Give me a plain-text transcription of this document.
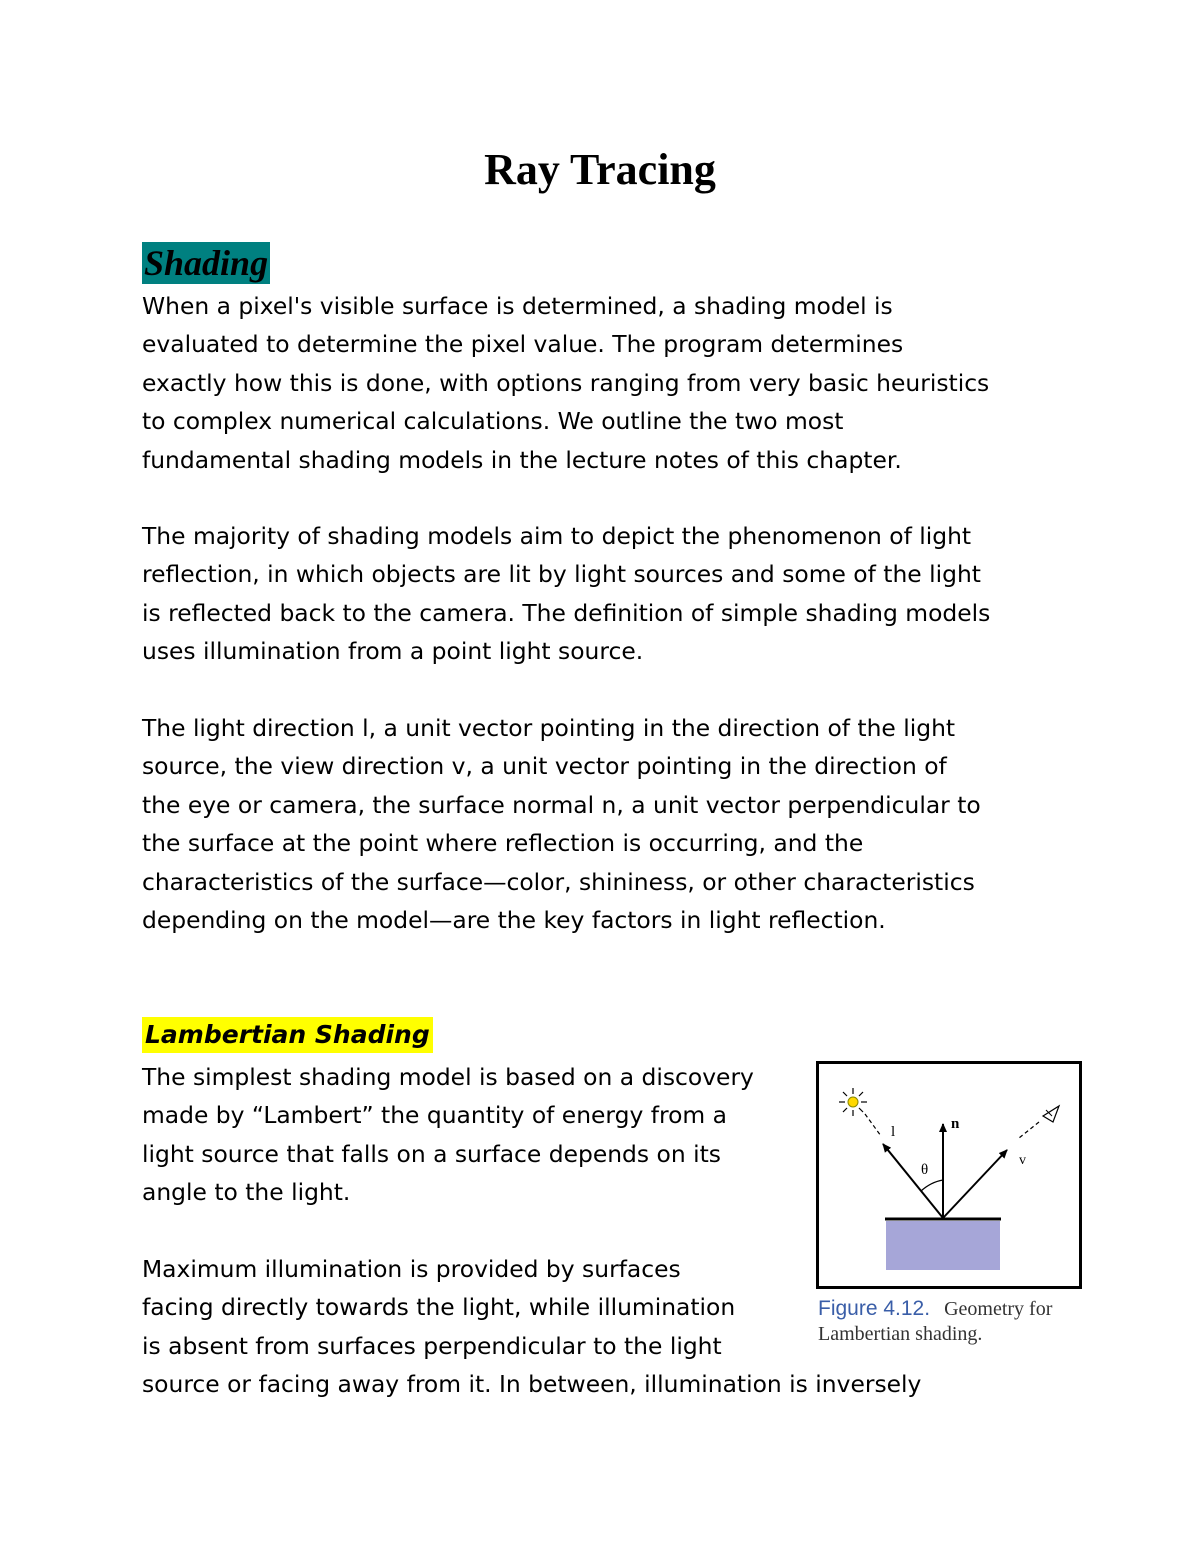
Ray Tracing
Shading

When a pixel's visible surface is determined, a shading model is
evaluated to determine the pixel value. The program determines
exactly how this is done, with options ranging from very basic heuristics
to complex numerical calculations. We outline the two most
fundamental shading models in the lecture notes of this chapter.

The majority of shading models aim to depict the phenomenon of light
reflection, in which objects are lit by light sources and some of the light
is reflected back to the camera. The definition of simple shading models
uses illumination from a point light source.

The light direction l, a unit vector pointing in the direction of the light
source, the view direction v, a unit vector pointing in the direction of
the eye or camera, the surface normal n, a unit vector perpendicular to
the surface at the point where reflection is occurring, and the
characteristics of the surface—color, shininess, or other characteristics
depending on the model—are the key factors in light reflection.

Lambertian Shading

The simplest shading model is based on a discovery
made by “Lambert” the quantity of energy from a
light source that falls on a surface depends on its
angle to the light.

Maximum illumination is provided by surfaces
facing directly towards the light, while illumination
is absent from surfaces perpendicular to the light

source or facing away from it. In between, illumination is inversely

l	n
v
θ
Figure 4.12. Geometry for
Lambertian shading.
